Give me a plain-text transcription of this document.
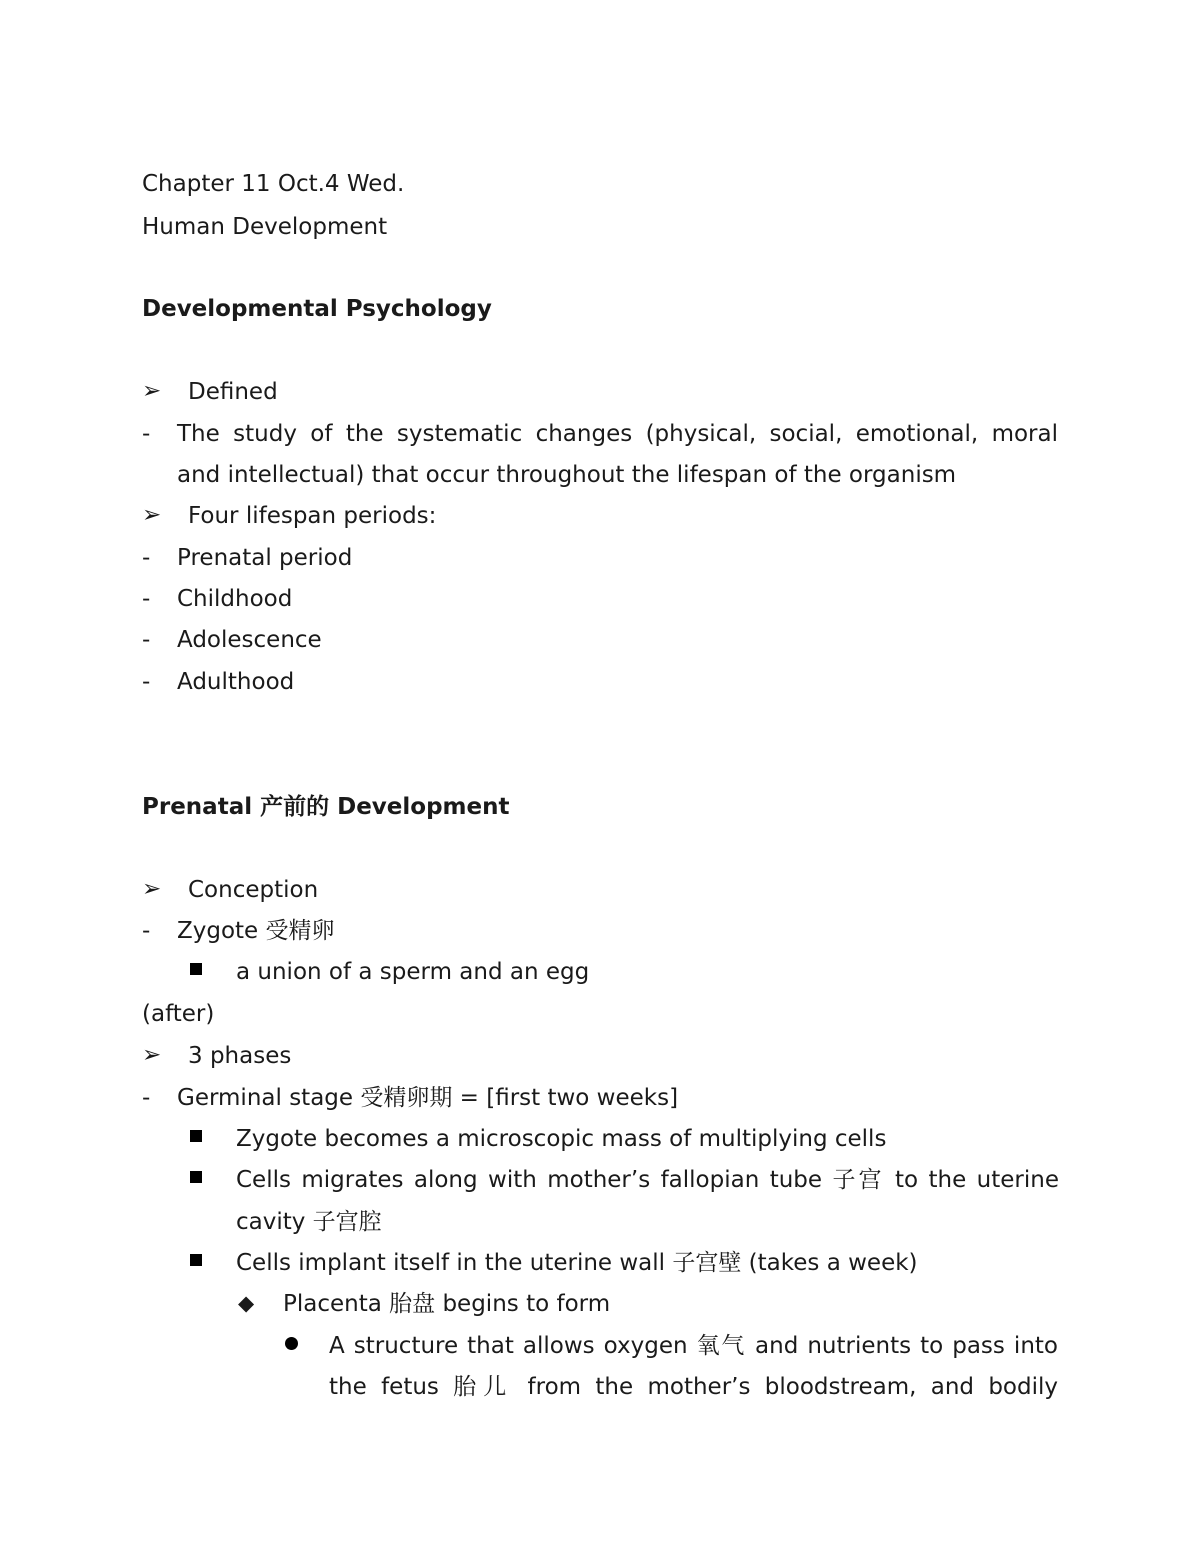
Chapter 11 Oct.4 Wed.
Human Development
Developmental Psychology
➢ Defined
- The study of the systematic changes (physical, social, emotional, moral
and intellectual) that occur throughout the lifespan of the organism
➢ Four lifespan periods:
- Prenatal period
- Childhood
- Adolescence
- Adulthood
Prenatal 产前的 Development
➢ Conception
- Zygote 受精卵
a union of a sperm and an egg
(after)
➢ 3 phases
- Germinal stage 受精卵期 = [first two weeks]
Zygote becomes a microscopic mass of multiplying cells
Cells migrates along with mother’s fallopian tube 子宫 to the uterine
cavity 子宫腔
Cells implant itself in the uterine wall 子宫壁 (takes a week)
◆ Placenta 胎盘 begins to form
A structure that allows oxygen 氧气 and nutrients to pass into
the fetus 胎儿 from the mother’s bloodstream, and bodily
